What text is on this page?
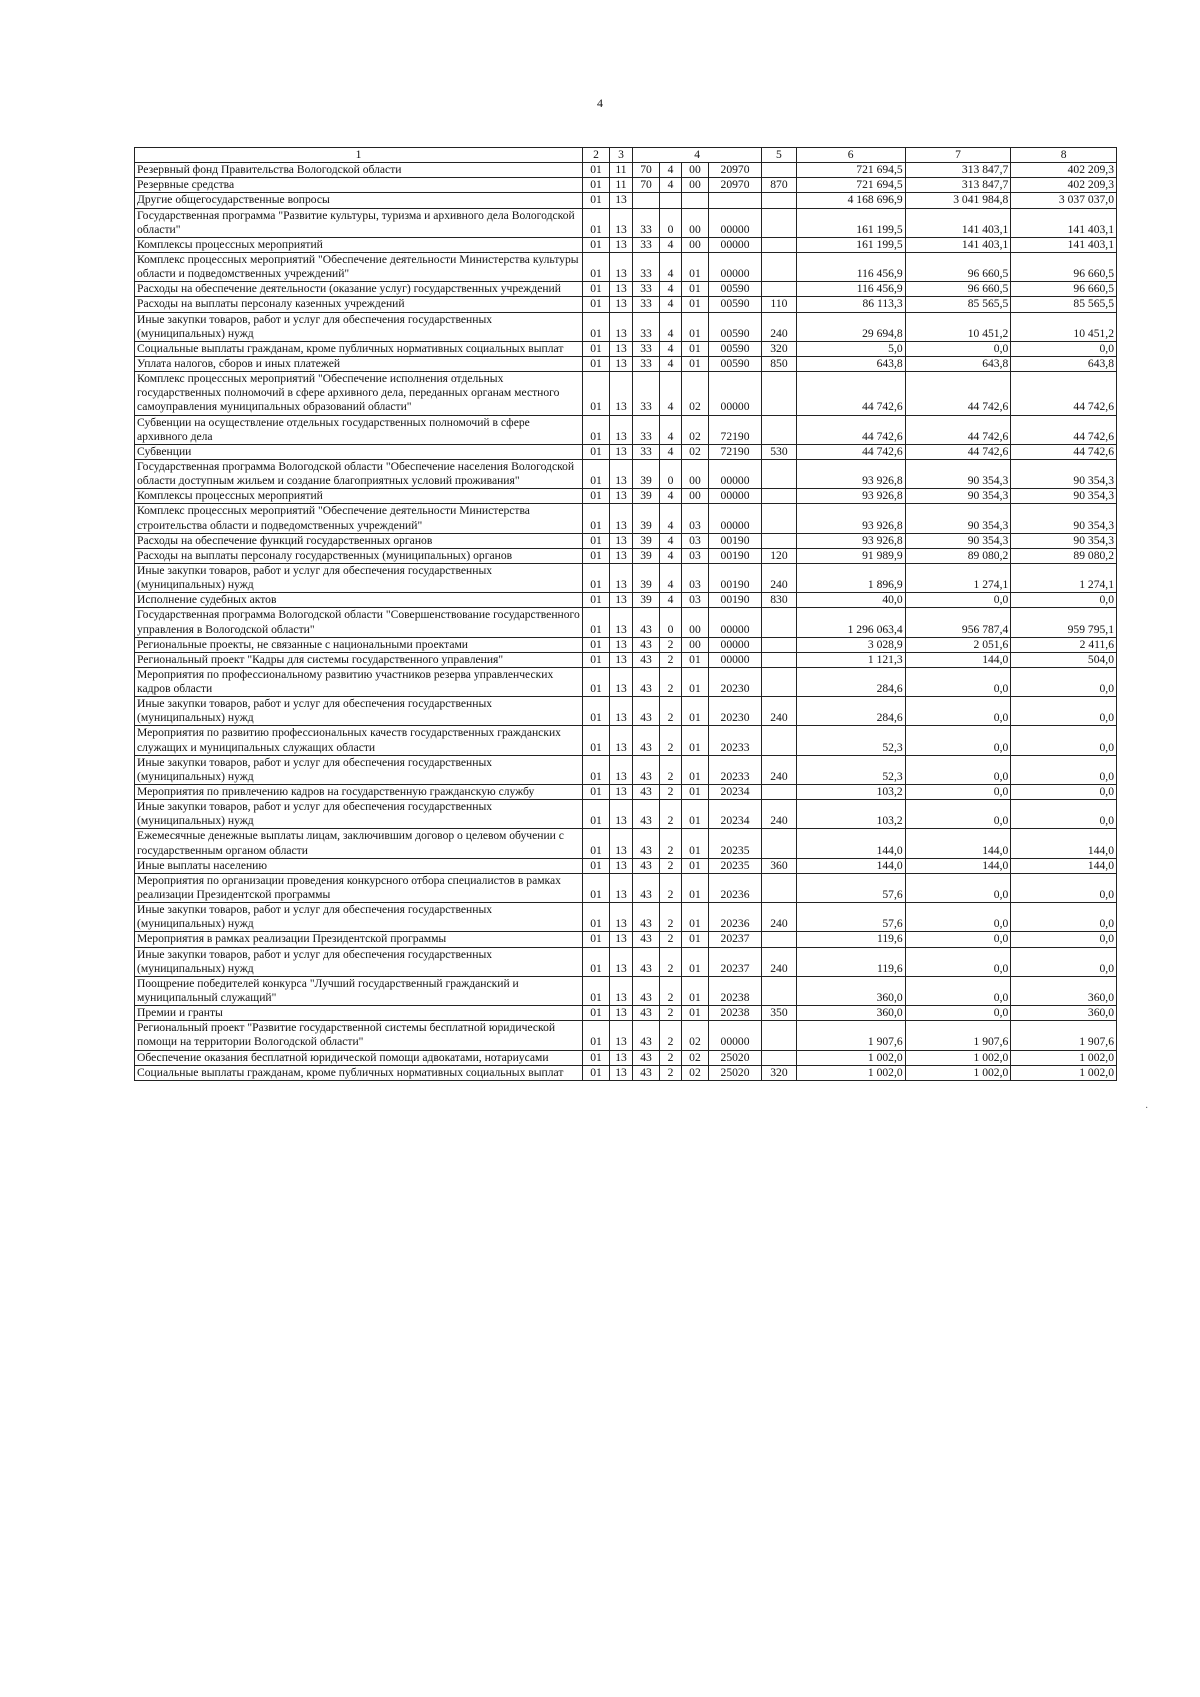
4
1	2	3	4				5	6	7	8
Резервный фонд Правительства Вологодской области	01	11	70	4	00	20970		721 694,5	313 847,7	402 209,3
Резервные средства	01	11	70	4	00	20970	870	721 694,5	313 847,7	402 209,3
Другие общегосударственные вопросы	01	13						4 168 696,9	3 041 984,8	3 037 037,0
Государственная программа "Развитие культуры, туризма и архивного дела Вологодской области"	01	13	33	0	00	00000		161 199,5	141 403,1	141 403,1
Комплексы процессных мероприятий	01	13	33	4	00	00000		161 199,5	141 403,1	141 403,1
Комплекс процессных мероприятий "Обеспечение деятельности Министерства культуры области и подведомственных учреждений"	01	13	33	4	01	00000		116 456,9	96 660,5	96 660,5
Расходы на обеспечение деятельности (оказание услуг) государственных учреждений	01	13	33	4	01	00590		116 456,9	96 660,5	96 660,5
Расходы на выплаты персоналу казенных учреждений	01	13	33	4	01	00590	110	86 113,3	85 565,5	85 565,5
Иные закупки товаров, работ и услуг для обеспечения государственных (муниципальных) нужд	01	13	33	4	01	00590	240	29 694,8	10 451,2	10 451,2
Социальные выплаты гражданам, кроме публичных нормативных социальных выплат	01	13	33	4	01	00590	320	5,0	0,0	0,0
Уплата налогов, сборов и иных платежей	01	13	33	4	01	00590	850	643,8	643,8	643,8
Комплекс процессных мероприятий "Обеспечение исполнения отдельных государственных полномочий в сфере архивного дела, переданных органам местного самоуправления муниципальных образований области"	01	13	33	4	02	00000		44 742,6	44 742,6	44 742,6
Субвенции на осуществление отдельных государственных полномочий в сфере архивного дела	01	13	33	4	02	72190		44 742,6	44 742,6	44 742,6
Субвенции	01	13	33	4	02	72190	530	44 742,6	44 742,6	44 742,6
Государственная программа Вологодской области "Обеспечение населения Вологодской области доступным жильем и создание благоприятных условий проживания"	01	13	39	0	00	00000		93 926,8	90 354,3	90 354,3
Комплексы процессных мероприятий	01	13	39	4	00	00000		93 926,8	90 354,3	90 354,3
Комплекс процессных мероприятий "Обеспечение деятельности Министерства строительства области и подведомственных учреждений"	01	13	39	4	03	00000		93 926,8	90 354,3	90 354,3
Расходы на обеспечение функций государственных органов	01	13	39	4	03	00190		93 926,8	90 354,3	90 354,3
Расходы на выплаты персоналу государственных (муниципальных) органов	01	13	39	4	03	00190	120	91 989,9	89 080,2	89 080,2
Иные закупки товаров, работ и услуг для обеспечения государственных (муниципальных) нужд	01	13	39	4	03	00190	240	1 896,9	1 274,1	1 274,1
Исполнение судебных актов	01	13	39	4	03	00190	830	40,0	0,0	0,0
Государственная программа Вологодской области "Совершенствование государственного управления в Вологодской области"	01	13	43	0	00	00000		1 296 063,4	956 787,4	959 795,1
Региональные проекты, не связанные с национальными проектами	01	13	43	2	00	00000		3 028,9	2 051,6	2 411,6
Региональный проект "Кадры для системы государственного управления"	01	13	43	2	01	00000		1 121,3	144,0	504,0
Мероприятия по профессиональному развитию участников резерва управленческих кадров области	01	13	43	2	01	20230		284,6	0,0	0,0
Иные закупки товаров, работ и услуг для обеспечения государственных (муниципальных) нужд	01	13	43	2	01	20230	240	284,6	0,0	0,0
Мероприятия по развитию профессиональных качеств государственных гражданских служащих и муниципальных служащих области	01	13	43	2	01	20233		52,3	0,0	0,0
Иные закупки товаров, работ и услуг для обеспечения государственных (муниципальных) нужд	01	13	43	2	01	20233	240	52,3	0,0	0,0
Мероприятия по привлечению кадров на государственную гражданскую службу	01	13	43	2	01	20234		103,2	0,0	0,0
Иные закупки товаров, работ и услуг для обеспечения государственных (муниципальных) нужд	01	13	43	2	01	20234	240	103,2	0,0	0,0
Ежемесячные денежные выплаты лицам, заключившим договор о целевом обучении с государственным органом области	01	13	43	2	01	20235		144,0	144,0	144,0
Иные выплаты населению	01	13	43	2	01	20235	360	144,0	144,0	144,0
Мероприятия по организации проведения конкурсного отбора специалистов в рамках реализации Президентской программы	01	13	43	2	01	20236		57,6	0,0	0,0
Иные закупки товаров, работ и услуг для обеспечения государственных (муниципальных) нужд	01	13	43	2	01	20236	240	57,6	0,0	0,0
Мероприятия в рамках реализации Президентской программы	01	13	43	2	01	20237		119,6	0,0	0,0
Иные закупки товаров, работ и услуг для обеспечения государственных (муниципальных) нужд	01	13	43	2	01	20237	240	119,6	0,0	0,0
Поощрение победителей конкурса "Лучший государственный гражданский и муниципальный служащий"	01	13	43	2	01	20238		360,0	0,0	360,0
Премии и гранты	01	13	43	2	01	20238	350	360,0	0,0	360,0
Региональный проект "Развитие государственной системы бесплатной юридической помощи на территории Вологодской области"	01	13	43	2	02	00000		1 907,6	1 907,6	1 907,6
Обеспечение оказания бесплатной юридической помощи адвокатами, нотариусами	01	13	43	2	02	25020		1 002,0	1 002,0	1 002,0
Социальные выплаты гражданам, кроме публичных нормативных социальных выплат	01	13	43	2	02	25020	320	1 002,0	1 002,0	1 002,0
·
